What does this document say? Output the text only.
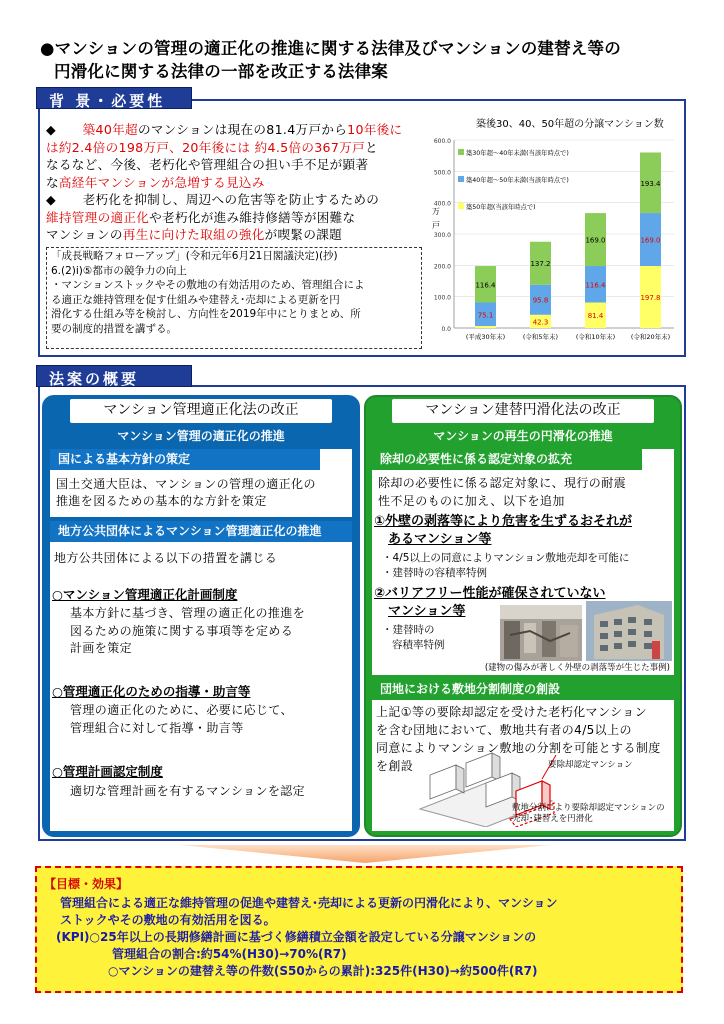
●マンションの管理の適正化の推進に関する法律及びマンションの建替え等の
円滑化に関する法律の一部を改正する法律案
背 景・必要性
◆ 築40年超のマンションは現在の81.4万戸から10年後に
は約2.4倍の198万戸、20年後には 約4.5倍の367万戸と
なるなど、今後、老朽化や管理組合の担い手不足が顕著
な高経年マンションが急増する見込み
◆ 老朽化を抑制し、周辺への危害等を防止するための
維持管理の適正化や老朽化が進み維持修繕等が困難な
マンションの再生に向けた取組の強化が喫緊の課題
「成長戦略フォローアップ」(令和元年6月21日閣議決定)(抄)
6.(2)ⅰ)⑤都市の競争力の向上
・マンションストックやその敷地の有効活用のため、管理組合によ
る適正な維持管理を促す仕組みや建替え･売却による更新を円
滑化する仕組み等を検討し、方向性を2019年中にとりまとめ、所
要の制度的措置を講ずる。
築後30、40、50年超の分譲マンション数
0.0
100.0
200.0
300.0
400.0
500.0
600.0
万
戸
75.1
116.4
(平成30年末)
42.3
95.8
137.2
(令和5年末)
81.4
116.4
169.0
(令和10年末)
197.8
169.0
193.4
(令和20年末)
築30年超～40年未満(当該年時点で)
築40年超～50年未満(当該年時点で)
築50年超(当該年時点で)
法案の概要
マンション管理適正化法の改正
マンション管理の適正化の推進
国による基本方針の策定
国土交通大臣は、マンションの管理の適正化の
推進を図るための基本的な方針を策定
地方公共団体によるマンション管理適正化の推進
地方公共団体による以下の措置を講じる
○マンション管理適正化計画制度
基本方針に基づき、管理の適正化の推進を
図るための施策に関する事項等を定める
計画を策定
○管理適正化のための指導・助言等
管理の適正化のために、必要に応じて、
管理組合に対して指導・助言等
○管理計画認定制度
適切な管理計画を有するマンションを認定
マンション建替円滑化法の改正
マンションの再生の円滑化の推進
除却の必要性に係る認定対象の拡充
除却の必要性に係る認定対象に、現行の耐震
性不足のものに加え、以下を追加
①外壁の剥落等により危害を生ずるおそれが
あるマンション等
・4/5以上の同意によりマンション敷地売却を可能に
・建替時の容積率特例
②バリアフリー性能が確保されていない
マンション等
・建替時の
容積率特例
(建物の傷みが著しく外壁の剥落等が生じた事例)
団地における敷地分割制度の創設
上記①等の要除却認定を受けた老朽化マンション
を含む団地において、敷地共有者の4/5以上の
同意によりマンション敷地の分割を可能とする制度
を創設	要除却認定マンション
敷地分割により要除却認定マンションの
売却･建替えを円滑化
【目標・効果】
管理組合による適正な維持管理の促進や建替え･売却による更新の円滑化により、マンション
ストックやその敷地の有効活用を図る。
(KPI)○25年以上の長期修繕計画に基づく修繕積立金額を設定している分譲マンションの
管理組合の割合:約54%(H30)→70%(R7)
○マンションの建替え等の件数(S50からの累計):325件(H30)→約500件(R7)
